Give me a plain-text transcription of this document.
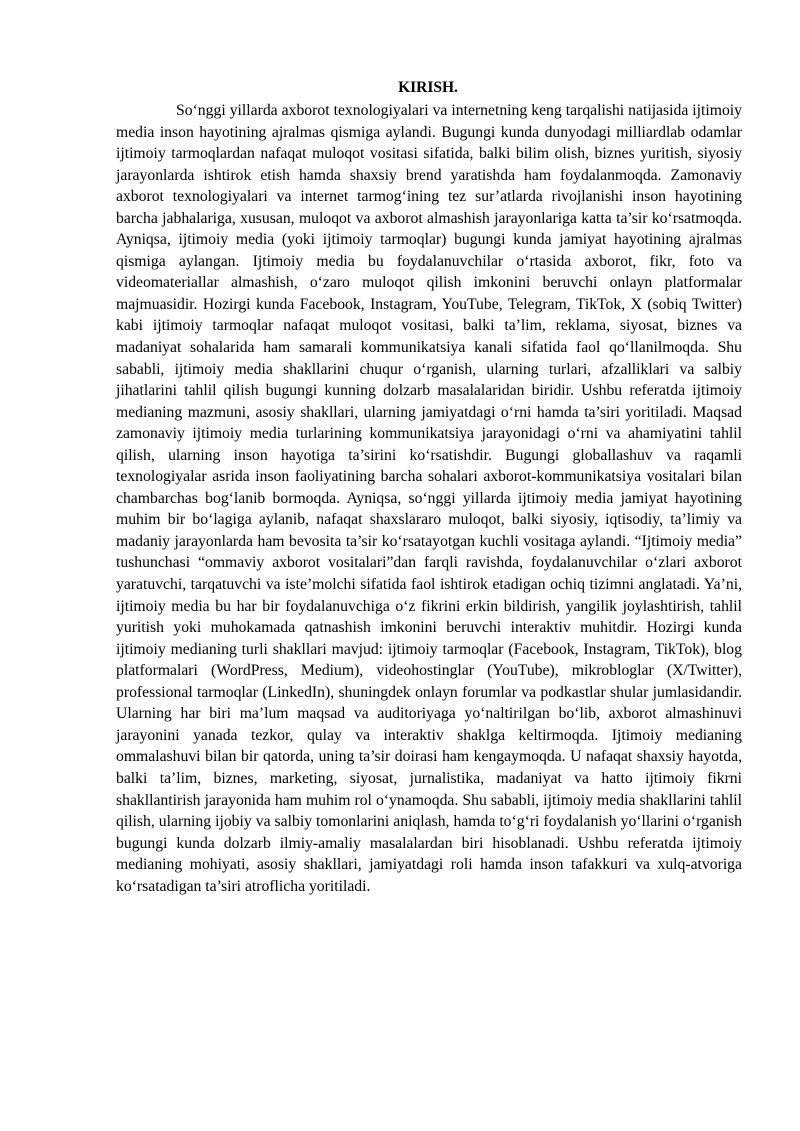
KIRISH.

So‘nggi yillarda axborot texnologiyalari va internetning keng tarqalishi natijasida ijtimoiy media inson hayotining ajralmas qismiga aylandi. Bugungi kunda dunyodagi milliardlab odamlar ijtimoiy tarmoqlardan nafaqat muloqot vositasi sifatida, balki bilim olish, biznes yuritish, siyosiy jarayonlarda ishtirok etish hamda shaxsiy brend yaratishda ham foydalanmoqda. Zamonaviy axborot texnologiyalari va internet tarmog‘ining tez sur’atlarda rivojlanishi inson hayotining barcha jabhalariga, xususan, muloqot va axborot almashish jarayonlariga katta ta’sir ko‘rsatmoqda. Ayniqsa, ijtimoiy media (yoki ijtimoiy tarmoqlar) bugungi kunda jamiyat hayotining ajralmas qismiga aylangan. Ijtimoiy media bu foydalanuvchilar o‘rtasida axborot, fikr, foto va videomateriallar almashish, o‘zaro muloqot qilish imkonini beruvchi onlayn platformalar majmuasidir. Hozirgi kunda Facebook, Instagram, YouTube, Telegram, TikTok, X (sobiq Twitter) kabi ijtimoiy tarmoqlar nafaqat muloqot vositasi, balki ta’lim, reklama, siyosat, biznes va madaniyat sohalarida ham samarali kommunikatsiya kanali sifatida faol qo‘llanilmoqda. Shu sababli, ijtimoiy media shakllarini chuqur o‘rganish, ularning turlari, afzalliklari va salbiy jihatlarini tahlil qilish bugungi kunning dolzarb masalalaridan biridir. Ushbu referatda ijtimoiy medianing mazmuni, asosiy shakllari, ularning jamiyatdagi o‘rni hamda ta’siri yoritiladi. Maqsad zamonaviy ijtimoiy media turlarining kommunikatsiya jarayonidagi o‘rni va ahamiyatini tahlil qilish, ularning inson hayotiga ta’sirini ko‘rsatishdir. Bugungi globallashuv va raqamli texnologiyalar asrida inson faoliyatining barcha sohalari axborot-kommunikatsiya vositalari bilan chambarchas bog‘lanib bormoqda. Ayniqsa, so‘nggi yillarda ijtimoiy media jamiyat hayotining muhim bir bo‘lagiga aylanib, nafaqat shaxslararo muloqot, balki siyosiy, iqtisodiy, ta’limiy va madaniy jarayonlarda ham bevosita ta’sir ko‘rsatayotgan kuchli vositaga aylandi. “Ijtimoiy media” tushunchasi “ommaviy axborot vositalari”dan farqli ravishda, foydalanuvchilar o‘zlari axborot yaratuvchi, tarqatuvchi va iste’molchi sifatida faol ishtirok etadigan ochiq tizimni anglatadi. Ya’ni, ijtimoiy media bu har bir foydalanuvchiga o‘z fikrini erkin bildirish, yangilik joylashtirish, tahlil yuritish yoki muhokamada qatnashish imkonini beruvchi interaktiv muhitdir. Hozirgi kunda ijtimoiy medianing turli shakllari mavjud: ijtimoiy tarmoqlar (Facebook, Instagram, TikTok), blog platformalari (WordPress, Medium), videohostinglar (YouTube), mikrobloglar (X/Twitter), professional tarmoqlar (LinkedIn), shuningdek onlayn forumlar va podkastlar shular jumlasidandir. Ularning har biri ma’lum maqsad va auditoriyaga yo‘naltirilgan bo‘lib, axborot almashinuvi jarayonini yanada tezkor, qulay va interaktiv shaklga keltirmoqda. Ijtimoiy medianing ommalashuvi bilan bir qatorda, uning ta’sir doirasi ham kengaymoqda. U nafaqat shaxsiy hayotda, balki ta’lim, biznes, marketing, siyosat, jurnalistika, madaniyat va hatto ijtimoiy fikrni shakllantirish jarayonida ham muhim rol o‘ynamoqda. Shu sababli, ijtimoiy media shakllarini tahlil qilish, ularning ijobiy va salbiy tomonlarini aniqlash, hamda to‘g‘ri foydalanish yo‘llarini o‘rganish bugungi kunda dolzarb ilmiy-amaliy masalalardan biri hisoblanadi. Ushbu referatda ijtimoiy medianing mohiyati, asosiy shakllari, jamiyatdagi roli hamda inson tafakkuri va xulq-atvoriga ko‘rsatadigan ta’siri atroflicha yoritiladi.
